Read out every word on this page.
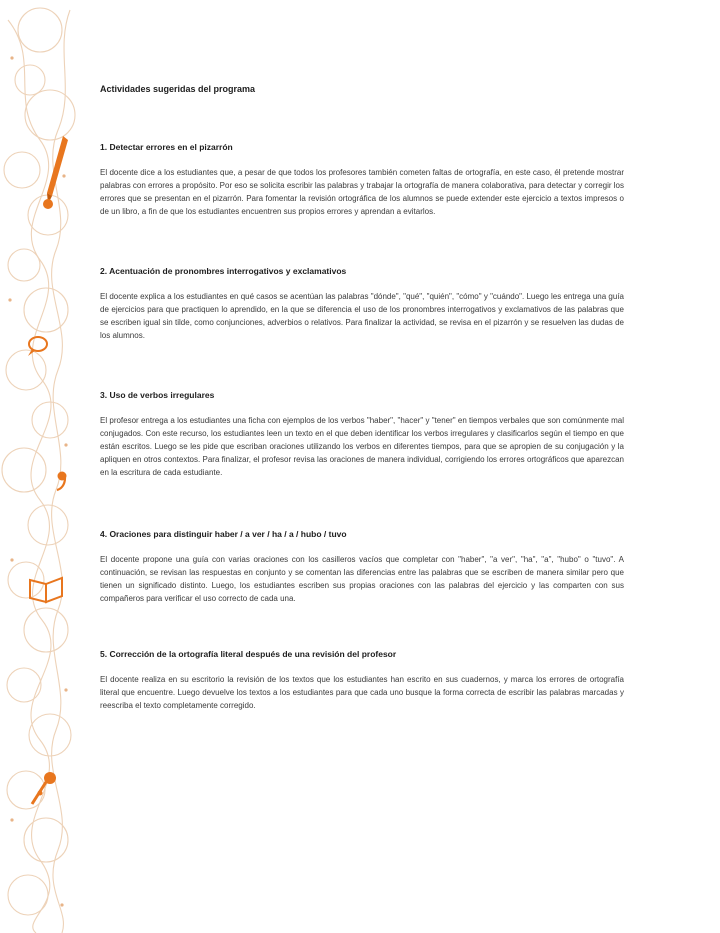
Actividades sugeridas del programa
1. Detectar errores en el pizarrón

El docente dice a los estudiantes que, a pesar de que todos los profesores también cometen faltas de ortografía, en este caso, él pretende mostrar palabras con errores a propósito. Por eso se solicita escribir las palabras y trabajar la ortografía de manera colaborativa, para detectar y corregir los errores que se presentan en el pizarrón. Para fomentar la revisión ortográfica de los alumnos se puede extender este ejercicio a textos impresos o de un libro, a fin de que los estudiantes encuentren sus propios errores y aprendan a evitarlos.

2. Acentuación de pronombres interrogativos y exclamativos

El docente explica a los estudiantes en qué casos se acentúan las palabras "dónde", "qué", "quién", "cómo" y "cuándo". Luego les entrega una guía de ejercicios para que practiquen lo aprendido, en la que se diferencia el uso de los pronombres interrogativos y exclamativos de las palabras que se escriben igual sin tilde, como conjunciones, adverbios o relativos. Para finalizar la actividad, se revisa en el pizarrón y se resuelven las dudas de los alumnos.

3. Uso de verbos irregulares

El profesor entrega a los estudiantes una ficha con ejemplos de los verbos "haber", "hacer" y "tener" en tiempos verbales que son comúnmente mal conjugados. Con este recurso, los estudiantes leen un texto en el que deben identificar los verbos irregulares y clasificarlos según el tiempo en que están escritos. Luego se les pide que escriban oraciones utilizando los verbos en diferentes tiempos, para que se apropien de su conjugación y la apliquen en otros contextos. Para finalizar, el profesor revisa las oraciones de manera individual, corrigiendo los errores ortográficos que aparezcan en la escritura de cada estudiante.

4. Oraciones para distinguir haber / a ver / ha / a / hubo / tuvo

El docente propone una guía con varias oraciones con los casilleros vacíos que completar con "haber", "a ver", "ha", "a", "hubo" o "tuvo". A continuación, se revisan las respuestas en conjunto y se comentan las diferencias entre las palabras que se escriben de manera similar pero que tienen un significado distinto. Luego, los estudiantes escriben sus propias oraciones con las palabras del ejercicio y las comparten con sus compañeros para verificar el uso correcto de cada una.

5. Corrección de la ortografía literal después de una revisión del profesor

El docente realiza en su escritorio la revisión de los textos que los estudiantes han escrito en sus cuadernos, y marca los errores de ortografía literal que encuentre. Luego devuelve los textos a los estudiantes para que cada uno busque la forma correcta de escribir las palabras marcadas y reescriba el texto completamente corregido.
